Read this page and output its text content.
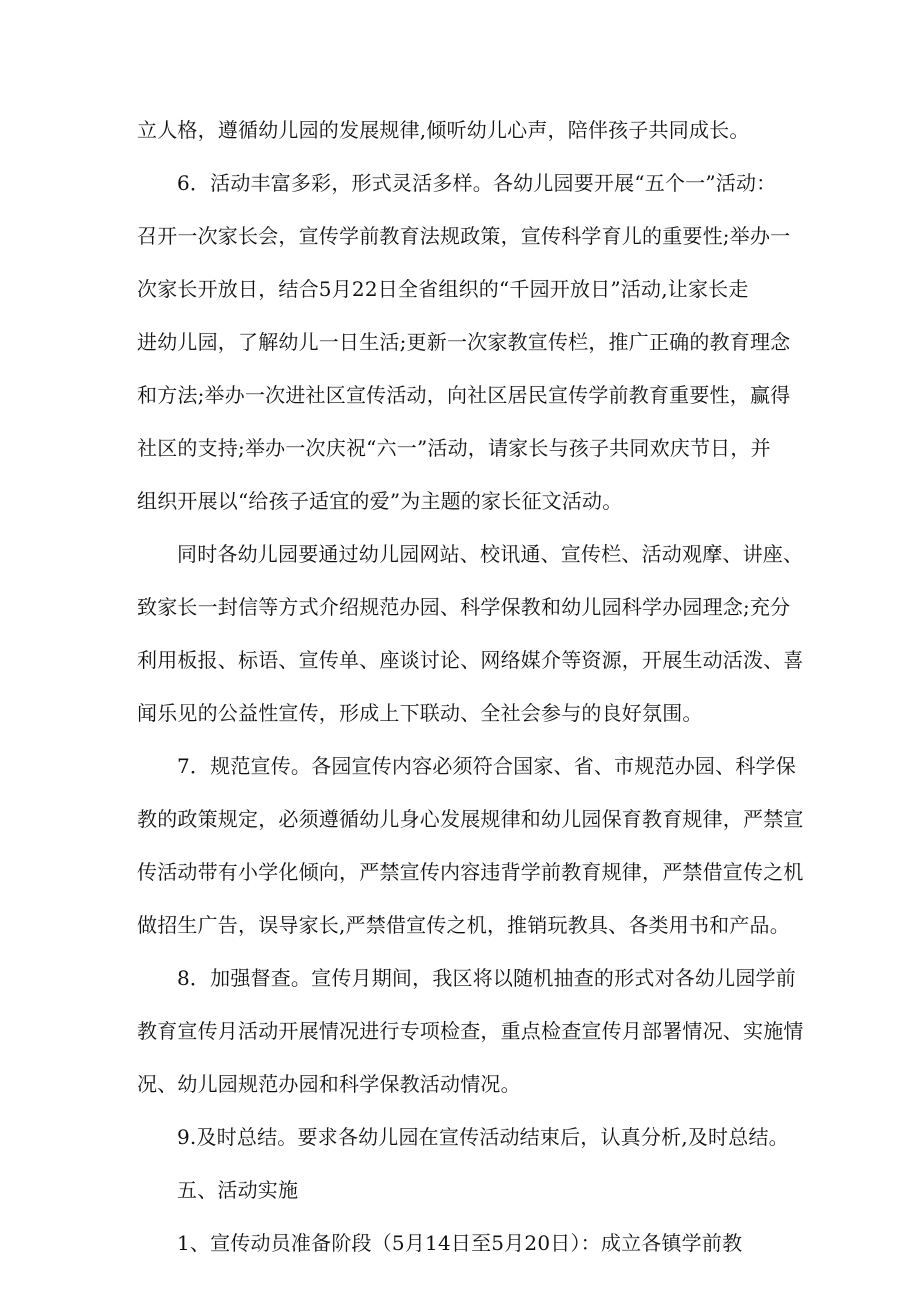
立人格，遵循幼儿园的发展规律,倾听幼儿心声，陪伴孩子共同成长。
6．活动丰富多彩，形式灵活多样。各幼儿园要开展“五个一”活动：
召开一次家长会，宣传学前教育法规政策，宣传科学育儿的重要性;举办一
次家长开放日，结合5月22日全省组织的“千园开放日”活动,让家长走
进幼儿园，了解幼儿一日生活;更新一次家教宣传栏，推广正确的教育理念
和方法;举办一次进社区宣传活动，向社区居民宣传学前教育重要性，赢得
社区的支持;举办一次庆祝“六一”活动，请家长与孩子共同欢庆节日，并
组织开展以“给孩子适宜的爱”为主题的家长征文活动。
同时各幼儿园要通过幼儿园网站、校讯通、宣传栏、活动观摩、讲座、
致家长一封信等方式介绍规范办园、科学保教和幼儿园科学办园理念;充分
利用板报、标语、宣传单、座谈讨论、网络媒介等资源，开展生动活泼、喜
闻乐见的公益性宣传，形成上下联动、全社会参与的良好氛围。
7．规范宣传。各园宣传内容必须符合国家、省、市规范办园、科学保
教的政策规定，必须遵循幼儿身心发展规律和幼儿园保育教育规律，严禁宣
传活动带有小学化倾向，严禁宣传内容违背学前教育规律，严禁借宣传之机
做招生广告，误导家长,严禁借宣传之机，推销玩教具、各类用书和产品。
8．加强督查。宣传月期间，我区将以随机抽查的形式对各幼儿园学前
教育宣传月活动开展情况进行专项检查，重点检查宣传月部署情况、实施情
况、幼儿园规范办园和科学保教活动情况。
9.及时总结。要求各幼儿园在宣传活动结束后，认真分析,及时总结。
五、活动实施
1、宣传动员准备阶段（5月14日至5月20日）：成立各镇学前教
